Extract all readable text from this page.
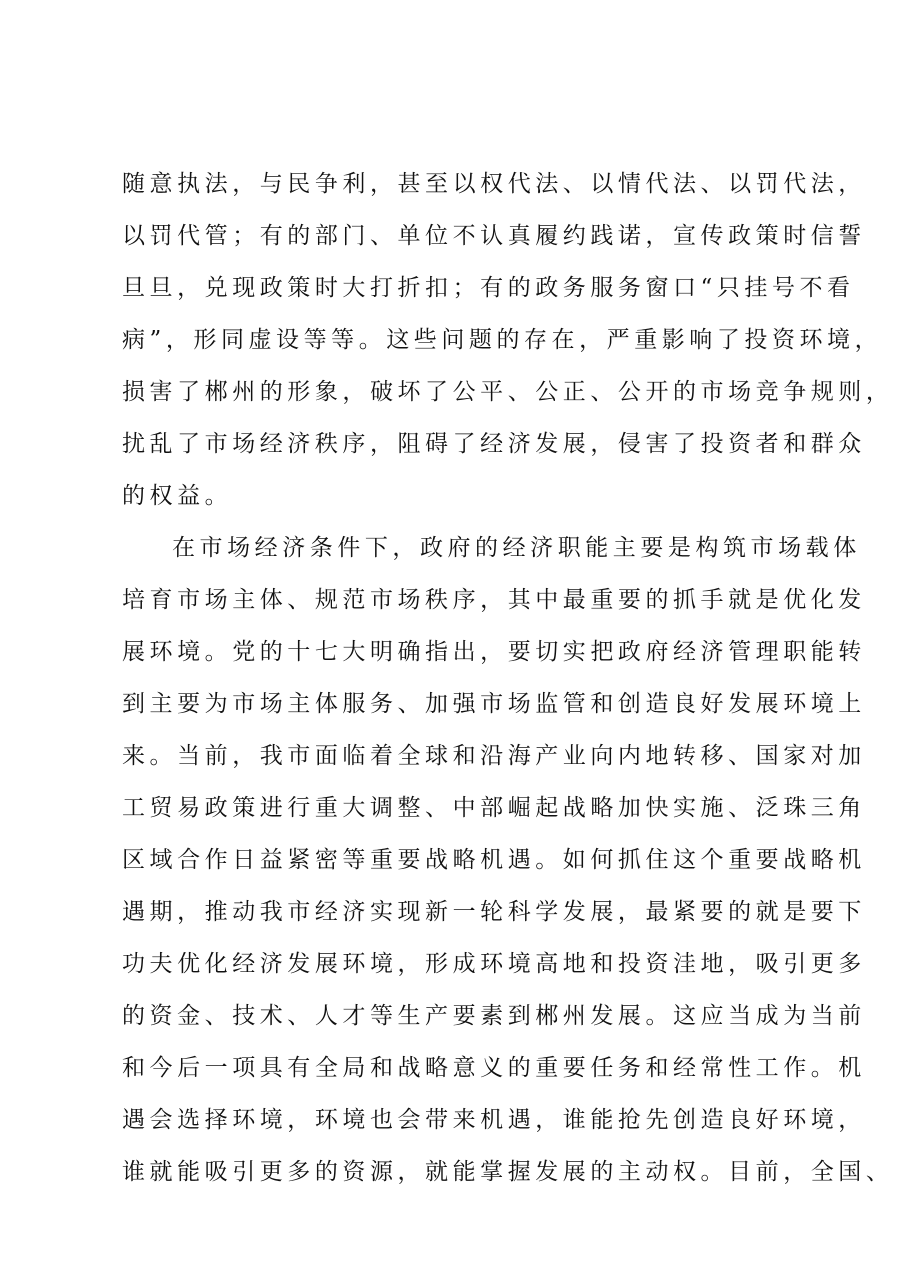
随意执法，与民争利，甚至以权代法、以情代法、以罚代法，
以罚代管；有的部门、单位不认真履约践诺，宣传政策时信誓
旦旦，兑现政策时大打折扣；有的政务服务窗口“只挂号不看
病”，形同虚设等等。这些问题的存在，严重影响了投资环境，
损害了郴州的形象，破坏了公平、公正、公开的市场竞争规则，
扰乱了市场经济秩序，阻碍了经济发展，侵害了投资者和群众
的权益。
在市场经济条件下，政府的经济职能主要是构筑市场载体
培育市场主体、规范市场秩序，其中最重要的抓手就是优化发
展环境。党的十七大明确指出，要切实把政府经济管理职能转
到主要为市场主体服务、加强市场监管和创造良好发展环境上
来。当前，我市面临着全球和沿海产业向内地转移、国家对加
工贸易政策进行重大调整、中部崛起战略加快实施、泛珠三角
区域合作日益紧密等重要战略机遇。如何抓住这个重要战略机
遇期，推动我市经济实现新一轮科学发展，最紧要的就是要下
功夫优化经济发展环境，形成环境高地和投资洼地，吸引更多
的资金、技术、人才等生产要素到郴州发展。这应当成为当前
和今后一项具有全局和战略意义的重要任务和经常性工作。机
遇会选择环境，环境也会带来机遇，谁能抢先创造良好环境，
谁就能吸引更多的资源，就能掌握发展的主动权。目前，全国、
